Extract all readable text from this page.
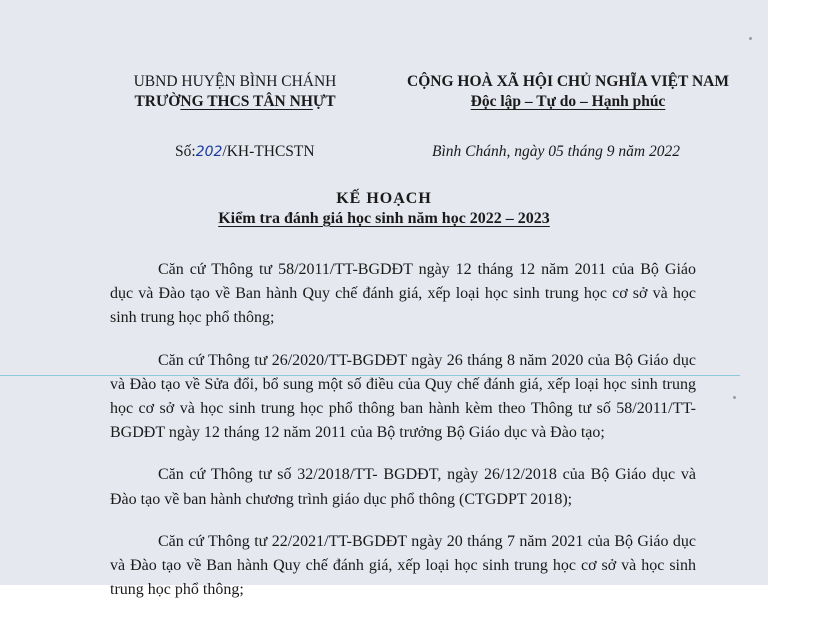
UBND HUYỆN BÌNH CHÁNH
TRƯỜNG THCS TÂN NHỰT
CỘNG HOÀ XÃ HỘI CHỦ NGHĨA VIỆT NAM
Độc lập – Tự do – Hạnh phúc
Số:202/KH-THCSTN	Bình Chánh, ngày 05 tháng 9 năm 2022
KẾ HOẠCH
Kiểm tra đánh giá học sinh năm học 2022 – 2023

Căn cứ Thông tư 58/2011/TT-BGDĐT ngày 12 tháng 12 năm 2011 của Bộ Giáo dục và Đào tạo về Ban hành Quy chế đánh giá, xếp loại học sinh trung học cơ sở và học sinh trung học phổ thông;

Căn cứ Thông tư 26/2020/TT-BGDĐT ngày 26 tháng 8 năm 2020 của Bộ Giáo dục và Đào tạo về Sửa đổi, bổ sung một số điều của Quy chế đánh giá, xếp loại học sinh trung học cơ sở và học sinh trung học phổ thông ban hành kèm theo Thông tư số 58/2011/TT-BGDĐT ngày 12 tháng 12 năm 2011 của Bộ trưởng Bộ Giáo dục và Đào tạo;

Căn cứ Thông tư số 32/2018/TT- BGDĐT, ngày 26/12/2018 của Bộ Giáo dục và Đào tạo về ban hành chương trình giáo dục phổ thông (CTGDPT 2018);

Căn cứ Thông tư 22/2021/TT-BGDĐT ngày 20 tháng 7 năm 2021 của Bộ Giáo dục và Đào tạo về Ban hành Quy chế đánh giá, xếp loại học sinh trung học cơ sở và học sinh trung học phổ thông;
